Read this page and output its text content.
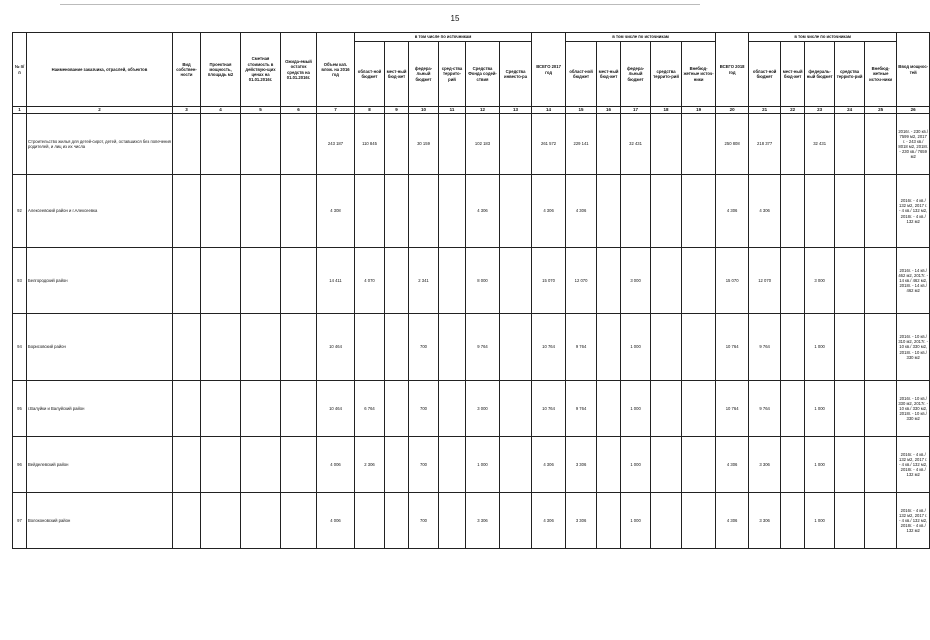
15
№ п/п	Наименование заказчика, отраслей, объектов	Вид собствен-ности	Проектная мощность, площадь м2	Сметная стоимость в действую-щих ценах на 01.01.2016г.	Ожида-емый остаток средств на 01.01.2016г.	Объем кап. влож. на 2016 год	в том числе по источникам						ВСЕГО 2017 год	в том числе по источникам					ВСЕГО 2018 год	в том числе по источникам					Ввод мощнос-тей
							област-ной бюджет	мест-ный бюд-жет	федера-льный бюджет	сред-ства террито-рий	Средства Фонда содей-ствия	Средства инвесто-ра		област-ной бюджет	мест-ный бюд-жет	федера-льный бюджет	средства террито-рий	Внебюд-жетные источ-ники		област-ной бюджет	мест-ный бюд-жет	федераль-ный бюджет	средства террито-рий	Внебюд-жетные источ-ники	
1	2	3	4	5	6	7	8	9	10	11	12	13	14	15	16	17	18	19	20	21	22	23	24	25	26
	Строительство жилья для детей-сирот, детей, оставшихся без попечения родителей, и лиц из их числа					243 187	110 845		30 159		102 183		261 572	229 141		32 431			250 808	218 377		32 431			2016г. - 230 кв./ 7599 м2, 2017 г. - 243 кв./ 8018 м2, 2018г. - 230 кв./ 7659 м2
92	Алексеевский район и г.Алексеевка					4 308					4 306		4 306	4 306					4 306	4 306					2016г. - 4 кв./ 132 м2, 2017 г. - 4 кв./ 132 м2, 2018г. - 4 кв./ 132 м2
93	Белгородский район					14 411	4 070		2 341		8 000		15 070	12 070		3 000			15 070	12 070		3 000			2016г. - 14 кв./ 462 м2, 2017г. - 14 кв./ 462 м2, 2018г. - 14 кв./ 462 м2
94	Борисовский район					10 464			700		9 764		10 764	9 764		1 000			10 764	9 764		1 000			2016г. - 10 кв./ 310 м2, 2017г. - 10 кв./ 330 м2, 2018г. - 10 кв./ 330 м2
95	г.Валуйки и Валуйский район					10 464	6 764		700		3 000		10 764	9 764		1 000			10 764	9 764		1 000			2016г. - 10 кв./ 330 м2, 2017г. - 10 кв./ 330 м2, 2018г. - 10 кв./ 330 м2
96	Вейделевский район					4 006	2 306		700		1 000		4 306	3 306		1 000			4 306	3 306		1 000			2016г. - 4 кв./ 132 м2, 2017 г. - 4 кв./ 132 м2, 2018г. - 4 кв./ 132 м2
97	Волоконовский район					4 006			700		3 306		4 306	3 306		1 000			4 306	3 306		1 000			2016г. - 4 кв./ 132 м2, 2017 г. - 4 кв./ 132 м2, 2018г. - 4 кв./ 132 м2
